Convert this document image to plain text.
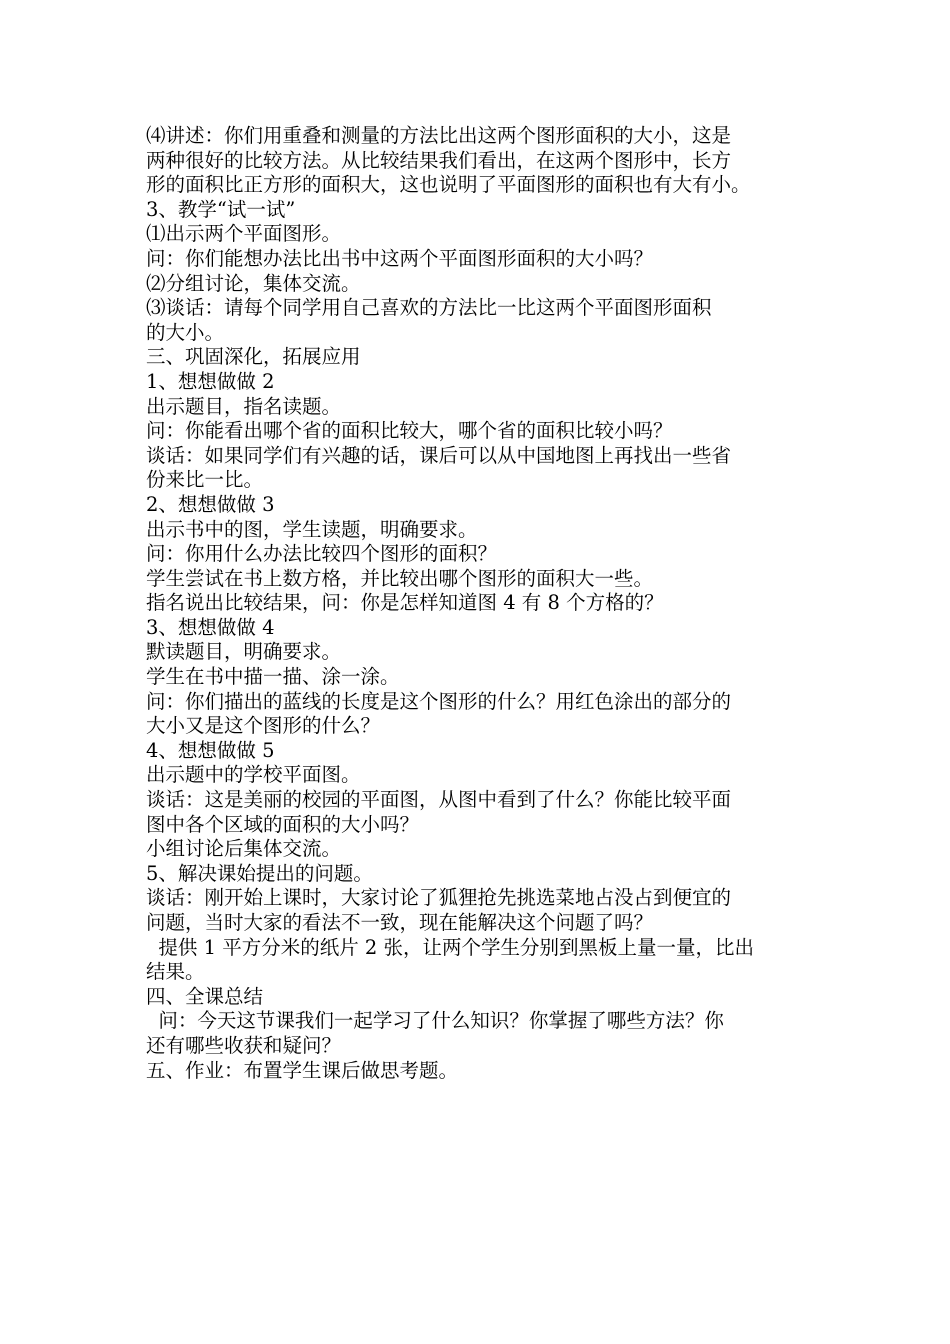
⑷讲述：你们用重叠和测量的方法比出这两个图形面积的大小，这是
两种很好的比较方法。从比较结果我们看出，在这两个图形中，长方
形的面积比正方形的面积大，这也说明了平面图形的面积也有大有小。
3、教学“试一试”
⑴出示两个平面图形。
问：你们能想办法比出书中这两个平面图形面积的大小吗？
⑵分组讨论，集体交流。
⑶谈话：请每个同学用自己喜欢的方法比一比这两个平面图形面积
的大小。
三、巩固深化，拓展应用
1、想想做做 2
出示题目，指名读题。
问：你能看出哪个省的面积比较大，哪个省的面积比较小吗？
谈话：如果同学们有兴趣的话，课后可以从中国地图上再找出一些省
份来比一比。
2、想想做做 3
出示书中的图，学生读题，明确要求。
问：你用什么办法比较四个图形的面积？
学生尝试在书上数方格，并比较出哪个图形的面积大一些。
指名说出比较结果，问：你是怎样知道图 4 有 8 个方格的？
3、想想做做 4
默读题目，明确要求。
学生在书中描一描、涂一涂。
问：你们描出的蓝线的长度是这个图形的什么？用红色涂出的部分的
大小又是这个图形的什么？
4、想想做做 5
出示题中的学校平面图。
谈话：这是美丽的校园的平面图，从图中看到了什么？你能比较平面
图中各个区域的面积的大小吗？
小组讨论后集体交流。
5、解决课始提出的问题。
谈话：刚开始上课时，大家讨论了狐狸抢先挑选菜地占没占到便宜的
问题，当时大家的看法不一致，现在能解决这个问题了吗？
提供 1 平方分米的纸片 2 张，让两个学生分别到黑板上量一量，比出
结果。
四、全课总结
问：今天这节课我们一起学习了什么知识？你掌握了哪些方法？你
还有哪些收获和疑问？
五、作业：布置学生课后做思考题。
